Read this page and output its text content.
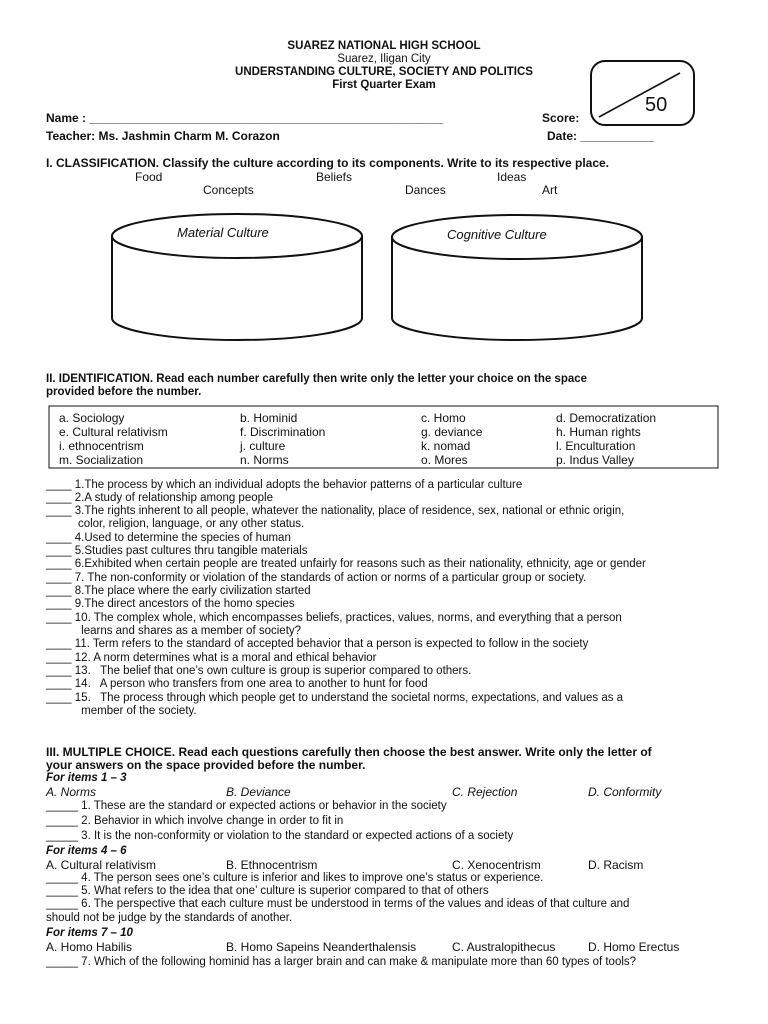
SUAREZ NATIONAL HIGH SCHOOL
Suarez, Iligan City
UNDERSTANDING CULTURE, SOCIETY AND POLITICS
First Quarter Exam
50
Name : _____________________________________________________	Score:
Teacher: Ms. Jashmin Charm M. Corazon	Date: ___________
I. CLASSIFICATION. Classify the culture according to its components. Write to its respective place.
Food	Beliefs	Ideas
Concepts	Dances	Art
Material Culture	Cognitive Culture
II. IDENTIFICATION. Read each number carefully then write only the letter your choice on the space
provided before the number.
a. Sociology	b. Hominid	c. Homo	d. Democratization
e. Cultural relativism	f. Discrimination	g. deviance	h. Human rights
i. ethnocentrism	j. culture	k. nomad	l. Enculturation
m. Socialization	n. Norms	o. Mores	p. Indus Valley
____ 1.The process by which an individual adopts the behavior patterns of a particular culture
____ 2.A study of relationship among people
____ 3.The rights inherent to all people, whatever the nationality, place of residence, sex, national or ethnic origin,
color, religion, language, or any other status.
____ 4.Used to determine the species of human
____ 5.Studies past cultures thru tangible materials
____ 6.Exhibited when certain people are treated unfairly for reasons such as their nationality, ethnicity, age or gender
____ 7. The non-conformity or violation of the standards of action or norms of a particular group or society.
____ 8.The place where the early civilization started
____ 9.The direct ancestors of the homo species
____ 10. The complex whole, which encompasses beliefs, practices, values, norms, and everything that a person
learns and shares as a member of society?
____ 11. Term refers to the standard of accepted behavior that a person is expected to follow in the society
____ 12. A norm determines what is a moral and ethical behavior
____ 13.   The belief that one’s own culture is group is superior compared to others.
____ 14.   A person who transfers from one area to another to hunt for food
____ 15.   The process through which people get to understand the societal norms, expectations, and values as a
member of the society.
III. MULTIPLE CHOICE. Read each questions carefully then choose the best answer. Write only the letter of
your answers on the space provided before the number.
For items 1 – 3
A. Norms	B. Deviance	C. Rejection	D. Conformity
_____ 1. These are the standard or expected actions or behavior in the society
_____ 2. Behavior in which involve change in order to fit in
_____ 3. It is the non-conformity or violation to the standard or expected actions of a society
For items 4 – 6
A. Cultural relativism	B. Ethnocentrism	C. Xenocentrism	D. Racism
_____ 4. The person sees one’s culture is inferior and likes to improve one’s status or experience.
_____ 5. What refers to the idea that one’ culture is superior compared to that of others
_____ 6. The perspective that each culture must be understood in terms of the values and ideas of that culture and
should not be judge by the standards of another.
For items 7 – 10
A. Homo Habilis	B. Homo Sapeins Neanderthalensis	C. Australopithecus	D. Homo Erectus
_____ 7. Which of the following hominid has a larger brain and can make & manipulate more than 60 types of tools?
